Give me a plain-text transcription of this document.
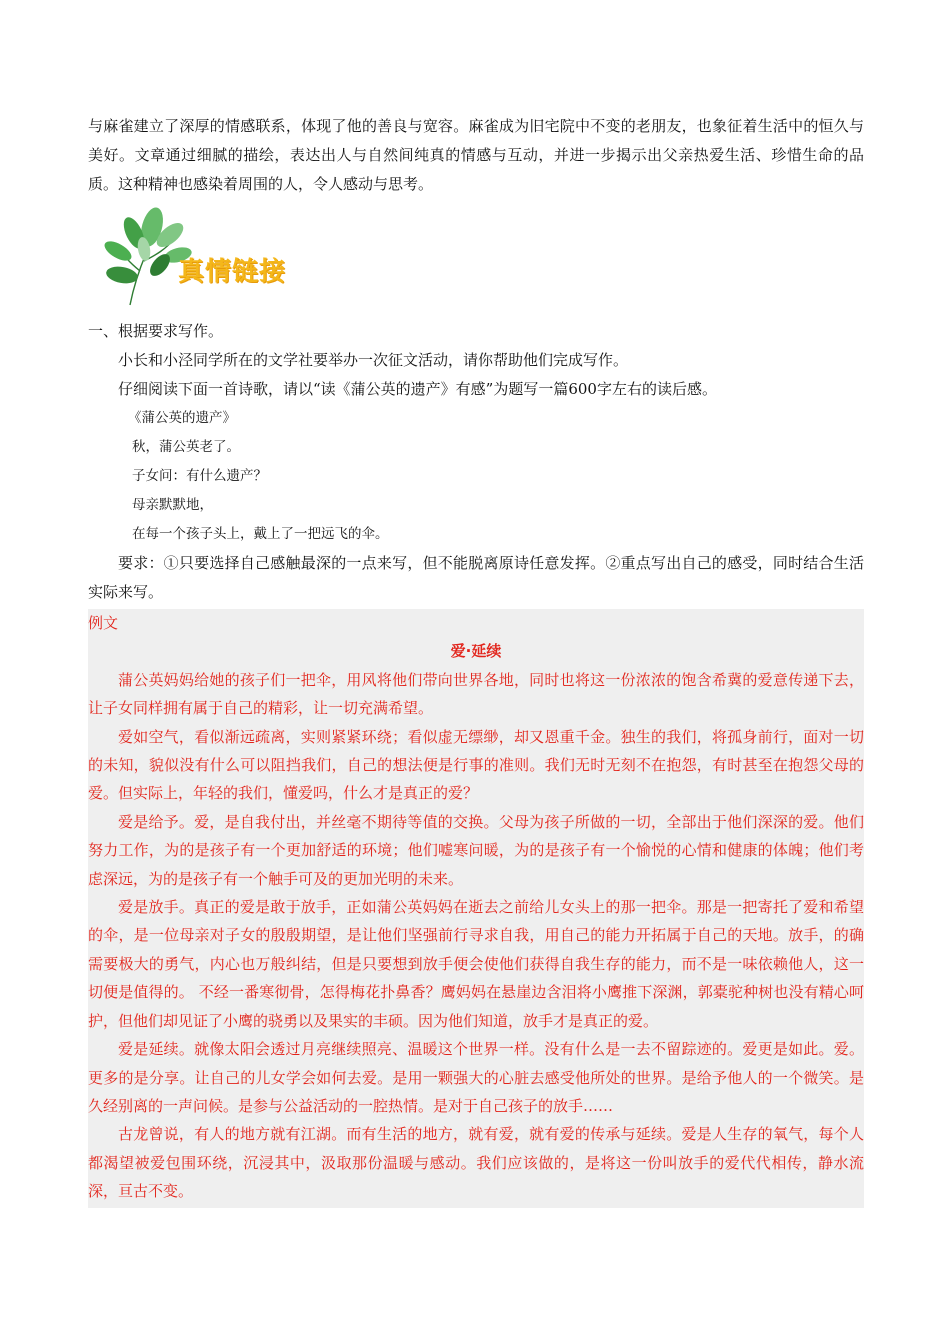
与麻雀建立了深厚的情感联系，体现了他的善良与宽容。麻雀成为旧宅院中不变的老朋友，也象征着生活中的恒久与美好。文章通过细腻的描绘，表达出人与自然间纯真的情感与互动，并进一步揭示出父亲热爱生活、珍惜生命的品质。这种精神也感染着周围的人，令人感动与思考。

真情链接

一、根据要求写作。

小长和小泾同学所在的文学社要举办一次征文活动，请你帮助他们完成写作。

仔细阅读下面一首诗歌，请以“读《蒲公英的遗产》有感”为题写一篇600字左右的读后感。

《蒲公英的遗产》

秋，蒲公英老了。

子女问：有什么遗产？

母亲默默地，

在每一个孩子头上，戴上了一把远飞的伞。

要求：①只要选择自己感触最深的一点来写，但不能脱离原诗任意发挥。②重点写出自己的感受，同时结合生活实际来写。

例文

爱·延续

蒲公英妈妈给她的孩子们一把伞，用风将他们带向世界各地，同时也将这一份浓浓的饱含希冀的爱意传递下去，让子女同样拥有属于自己的精彩，让一切充满希望。

爱如空气，看似渐远疏离，实则紧紧环绕；看似虚无缥缈，却又恩重千金。独生的我们，将孤身前行，面对一切的未知，貌似没有什么可以阻挡我们，自己的想法便是行事的准则。我们无时无刻不在抱怨，有时甚至在抱怨父母的爱。但实际上，年轻的我们，懂爱吗，什么才是真正的爱？

爱是给予。爱，是自我付出，并丝毫不期待等值的交换。父母为孩子所做的一切，全部出于他们深深的爱。他们努力工作，为的是孩子有一个更加舒适的环境；他们嘘寒问暖，为的是孩子有一个愉悦的心情和健康的体魄；他们考虑深远，为的是孩子有一个触手可及的更加光明的未来。

爱是放手。真正的爱是敢于放手，正如蒲公英妈妈在逝去之前给儿女头上的那一把伞。那是一把寄托了爱和希望的伞，是一位母亲对子女的殷殷期望，是让他们坚强前行寻求自我，用自己的能力开拓属于自己的天地。放手，的确需要极大的勇气，内心也万般纠结，但是只要想到放手便会使他们获得自我生存的能力，而不是一味依赖他人，这一切便是值得的。 不经一番寒彻骨，怎得梅花扑鼻香？鹰妈妈在悬崖边含泪将小鹰推下深渊，郭橐驼种树也没有精心呵护，但他们却见证了小鹰的骁勇以及果实的丰硕。因为他们知道，放手才是真正的爱。

爱是延续。就像太阳会透过月亮继续照亮、温暖这个世界一样。没有什么是一去不留踪迹的。爱更是如此。爱。更多的是分享。让自己的儿女学会如何去爱。是用一颗强大的心脏去感受他所处的世界。是给予他人的一个微笑。是久经别离的一声问候。是参与公益活动的一腔热情。是对于自己孩子的放手……

古龙曾说，有人的地方就有江湖。而有生活的地方，就有爱，就有爱的传承与延续。爱是人生存的氧气，每个人都渴望被爱包围环绕，沉浸其中，汲取那份温暖与感动。我们应该做的，是将这一份叫放手的爱代代相传，静水流深，亘古不变。
